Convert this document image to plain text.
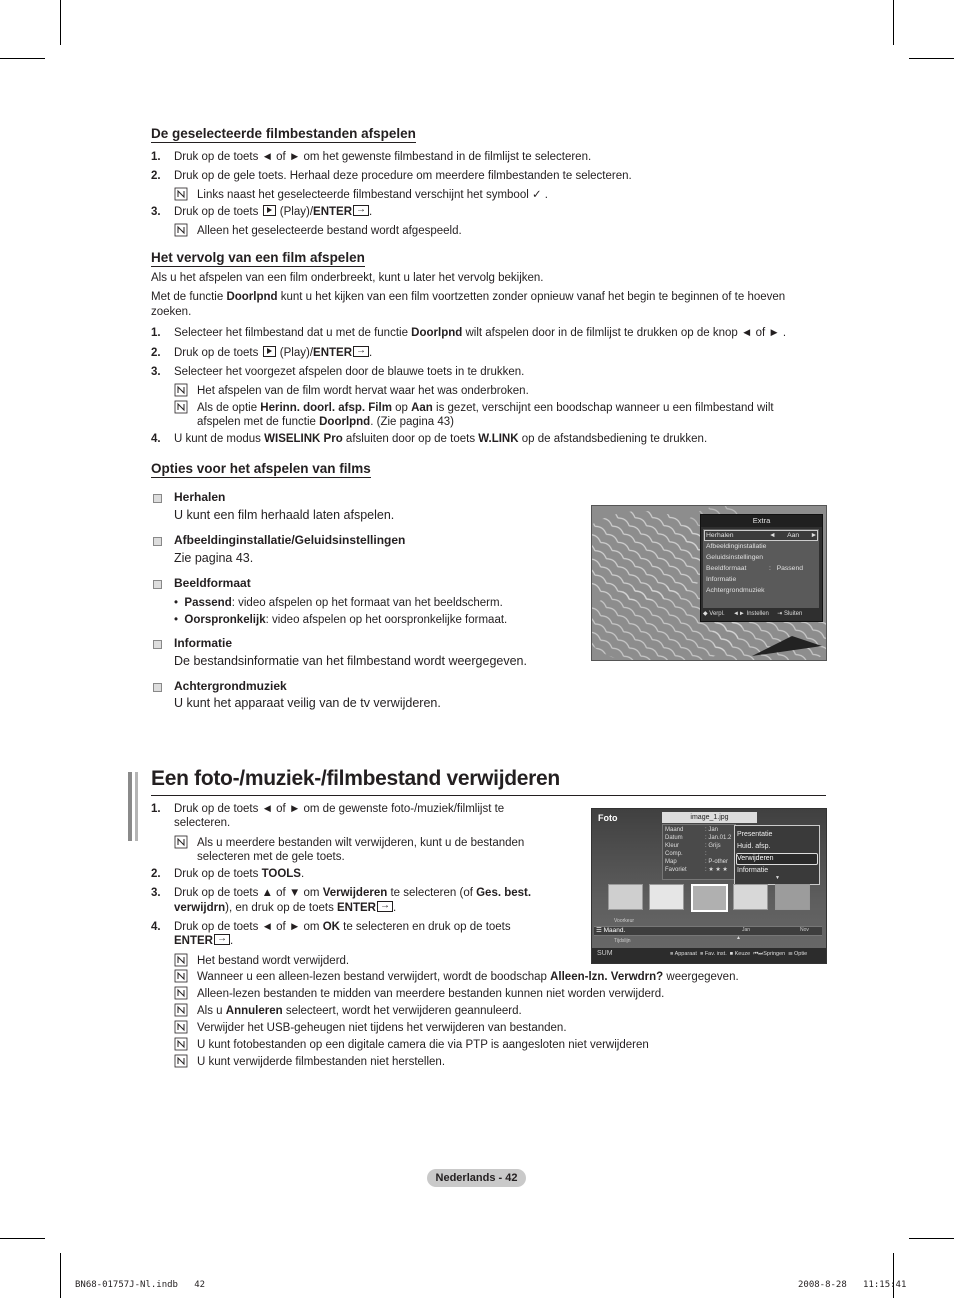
De geselecteerde filmbestanden afspelen
1. Druk op de toets ◄ of ► om het gewenste filmbestand in de filmlijst te selecteren.
2. Druk op de gele toets. Herhaal deze procedure om meerdere filmbestanden te selecteren.
Links naast het geselecteerde filmbestand verschijnt het symbool ✓ .
3. Druk op de toets (Play)/ENTER → .
Alleen het geselecteerde bestand wordt afgespeeld.
Het vervolg van een film afspelen
Als u het afspelen van een film onderbreekt, kunt u later het vervolg bekijken.
Met de functie Doorlpnd kunt u het kijken van een film voortzetten zonder opnieuw vanaf het begin te beginnen of te hoeven
zoeken.
1. Selecteer het filmbestand dat u met de functie Doorlpnd wilt afspelen door in de filmlijst te drukken op de knop ◄ of ► .
2. Druk op de toets (Play)/ENTER → .
3. Selecteer het voorgezet afspelen door de blauwe toets in te drukken.
Het afspelen van de film wordt hervat waar het was onderbroken.
Als de optie Herinn. doorl. afsp. Film op Aan is gezet, verschijnt een boodschap wanneer u een filmbestand wilt
afspelen met de functie Doorlpnd. (Zie pagina 43)
4. U kunt de modus WISELINK Pro afsluiten door op de toets W.LINK op de afstandsbediening te drukken.
Opties voor het afspelen van films
Herhalen
U kunt een film herhaald laten afspelen.
Afbeeldinginstallatie/Geluidsinstellingen
Zie pagina 43.
Beeldformaat
•  Passend: video afspelen op het formaat van het beeldscherm.
•  Oorspronkelijk: video afspelen op het oorspronkelijke formaat.
Informatie
De bestandsinformatie van het filmbestand wordt weergegeven.
Achtergrondmuziek
U kunt het apparaat veilig van de tv verwijderen.
Extra
Herhalen	◄      Aan      ►
Afbeeldinginstallatie
Geluidsinstellingen
Beeldformaat	: Passend
Informatie
Achtergrondmuziek
◆ Verpl. ◄► Instellen ⇥ Sluiten
Een foto-/muziek-/filmbestand verwijderen
1. Druk op de toets ◄ of ► om de gewenste foto-/muziek/filmlijst te
selecteren.
Als u meerdere bestanden wilt verwijderen, kunt u de bestanden
selecteren met de gele toets.
2. Druk op de toets TOOLS.
3. Druk op de toets ▲ of ▼ om Verwijderen te selecteren (of Ges. best.
verwijdrn), en druk op de toets ENTER → .
4. Druk op de toets ◄ of ► om OK te selecteren en druk op de toets
ENTER → .
Het bestand wordt verwijderd.
Wanneer u een alleen-lezen bestand verwijdert, wordt de boodschap Alleen-lzn. Verwdrn? weergegeven.
Alleen-lezen bestanden te midden van meerdere bestanden kunnen niet worden verwijderd.
Als u Annuleren selecteert, wordt het verwijderen geannuleerd.
Verwijder het USB-geheugen niet tijdens het verwijderen van bestanden.
U kunt fotobestanden op een digitale camera die via PTP is aangesloten niet verwijderen
U kunt verwijderde filmbestanden niet herstellen.
Foto	image_1.jpg
Maand
Datum
Kleur
Comp.
Map
Favoriet
: Jan
: Jan.01.2
: Grijs
:
: P-other
: ★ ★ ★
Presentatie
Huid. afsp.
Verwijderen
Informatie
▼
Voorkeur
☰ Maand.	Jan	Nov
▲
Tijdslijn
SUM	■ Apparaat ■ Fav. inst. ■ Keuze ⏮⏭Springen ☰ Optie
Nederlands - 42
BN68-01757J-Nl.indb   42	2008-8-28   11:15:41
